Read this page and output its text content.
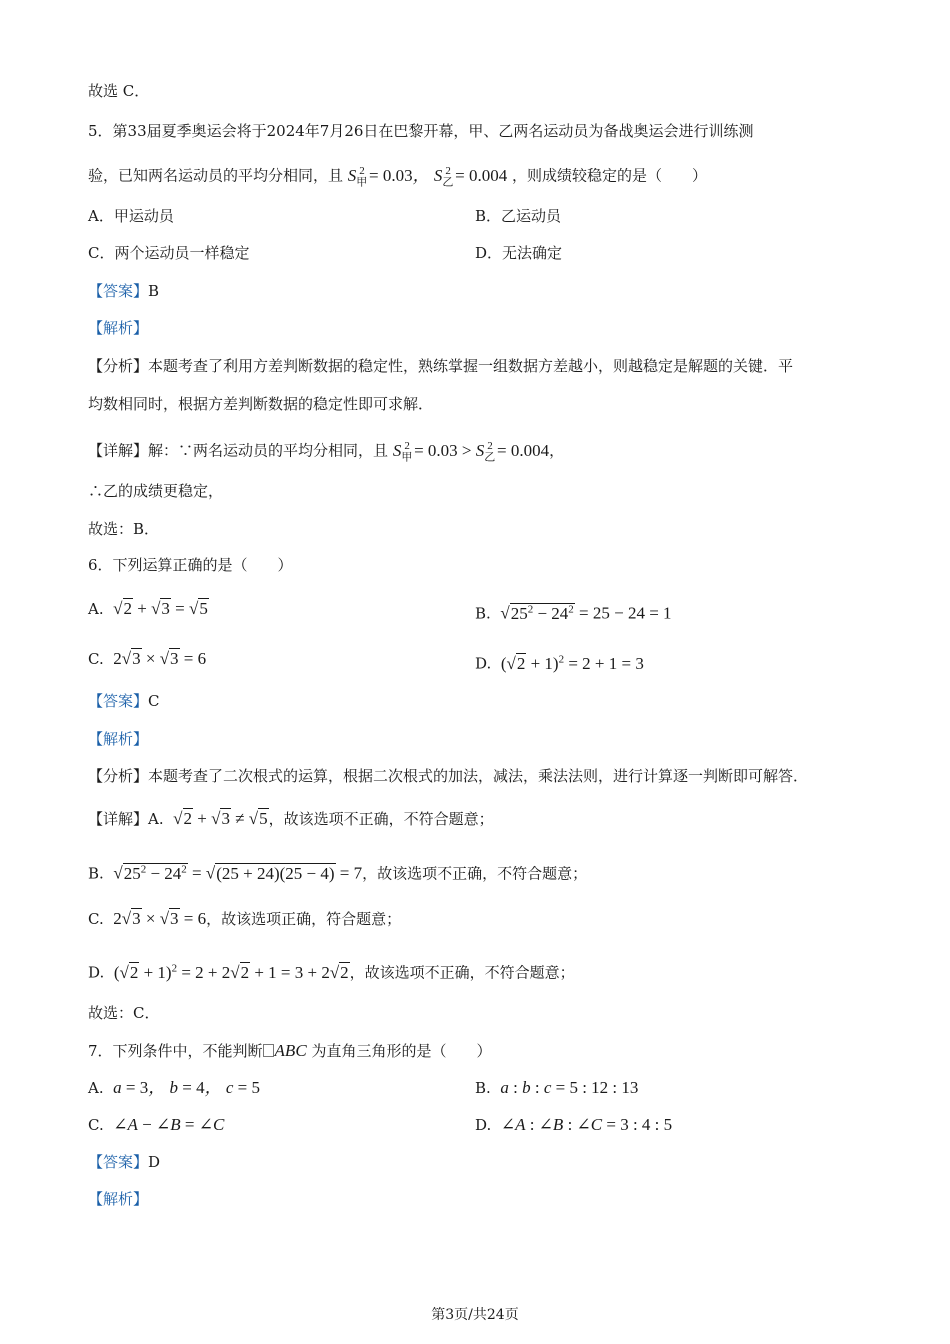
故选 C．
5．第33届夏季奥运会将于2024年7月26日在巴黎开幕，甲、乙两名运动员为备战奥运会进行训练测
验，已知两名运动员的平均分相同，且 $S_甲^2 = 0.03$， $S_乙^2 = 0.004$ ，则成绩较稳定的是（　　）
A．甲运动员	B．乙运动员
C．两个运动员一样稳定	D．无法确定
【答案】B
【解析】
【分析】本题考查了利用方差判断数据的稳定性，熟练掌握一组数据方差越小，则越稳定是解题的关键．平
均数相同时，根据方差判断数据的稳定性即可求解．
【详解】解：∵两名运动员的平均分相同，且 $S_甲^2 = 0.03 > S_乙^2 = 0.004$，
∴乙的成绩更稳定，
故选：B．
6．下列运算正确的是（　　）
A. √2 + √3 = √5	B. $√25^2 - 24^2 = 25 - 24 = 1$
C. 2√3 × √3 = 6	D. $(√2 + 1)^2 = 2 + 1 = 3$
【答案】C
【解析】
【分析】本题考查了二次根式的运算，根据二次根式的加法，减法，乘法法则，进行计算逐一判断即可解答．
【详解】A. √2 + √3 ≠ √5，故该选项不正确，不符合题意；
B. $√25^2 - 24^2 = √(25 + 24)(25 - 4) = 7$，故该选项不正确，不符合题意；
C. 2√3 × √3 = 6，故该选项正确，符合题意；
D. $(√2 + 1)^2 = 2 + 2√2 + 1 = 3 + 2√2$，故该选项不正确，不符合题意；
故选：C．
7．下列条件中，不能判断 ABC 为直角三角形的是（　　）
A. a = 3， b = 4， c = 5	B. a : b : c = 5 : 12 : 13
C. ∠A − ∠B = ∠C	D. ∠A : ∠B : ∠C = 3 : 4 : 5
【答案】D
【解析】
第3页/共24页
